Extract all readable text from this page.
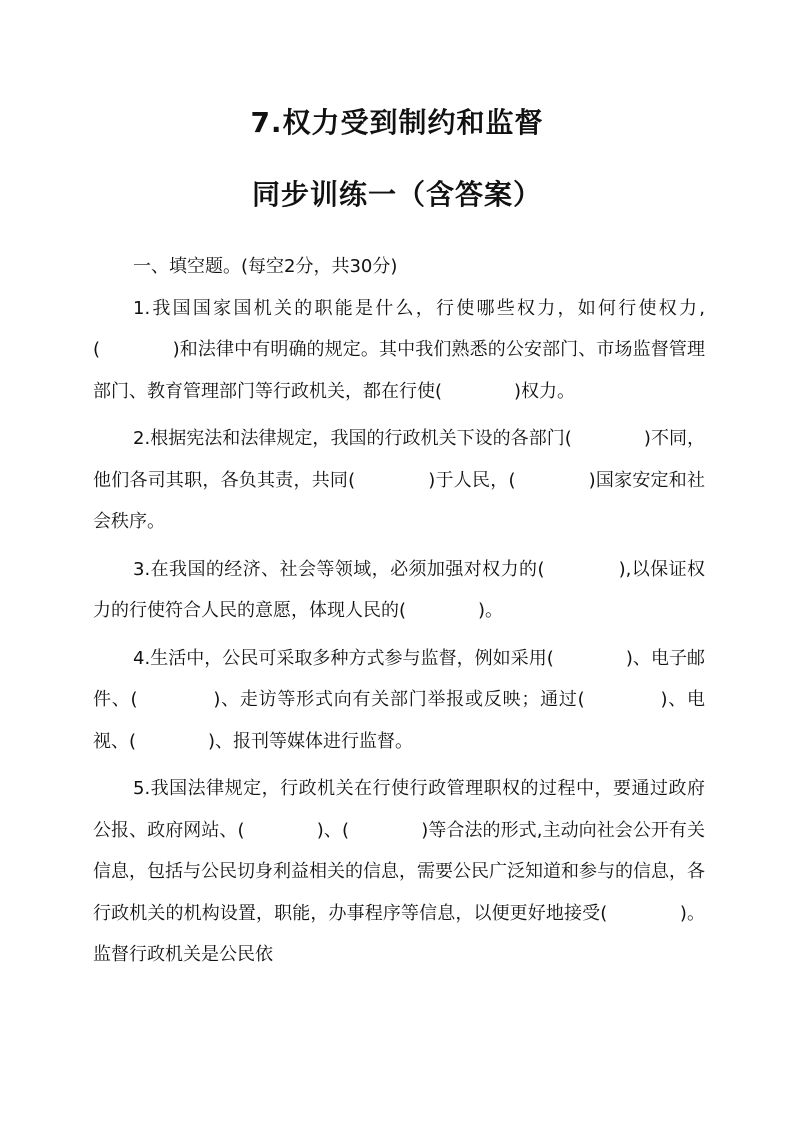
7.权力受到制约和监督
同步训练一（含答案）

一、填空题。(每空2分，共30分)

1.我国国家国机关的职能是什么，行使哪些权力，如何行使权力,(　　　　)和法律中有明确的规定。其中我们熟悉的公安部门、市场监督管理部门、教育管理部门等行政机关，都在行使(　　　　)权力。

2.根据宪法和法律规定，我国的行政机关下设的各部门(　　　　)不同，他们各司其职，各负其责，共同(　　　　)于人民，(　　　　)国家安定和社会秩序。

3.在我国的经济、社会等领域，必须加强对权力的(　　　　),以保证权力的行使符合人民的意愿，体现人民的(　　　　)。

4.生活中，公民可采取多种方式参与监督，例如采用(　　　　)、电子邮件、(　　　　)、走访等形式向有关部门举报或反映；通过(　　　　)、电视、(　　　　)、报刊等媒体进行监督。

5.我国法律规定，行政机关在行使行政管理职权的过程中，要通过政府公报、政府网站、(　　　　)、(　　　　)等合法的形式,主动向社会公开有关信息，包括与公民切身利益相关的信息，需要公民广泛知道和参与的信息，各行政机关的机构设置，职能，办事程序等信息，以便更好地接受(　　　　)。监督行政机关是公民依
